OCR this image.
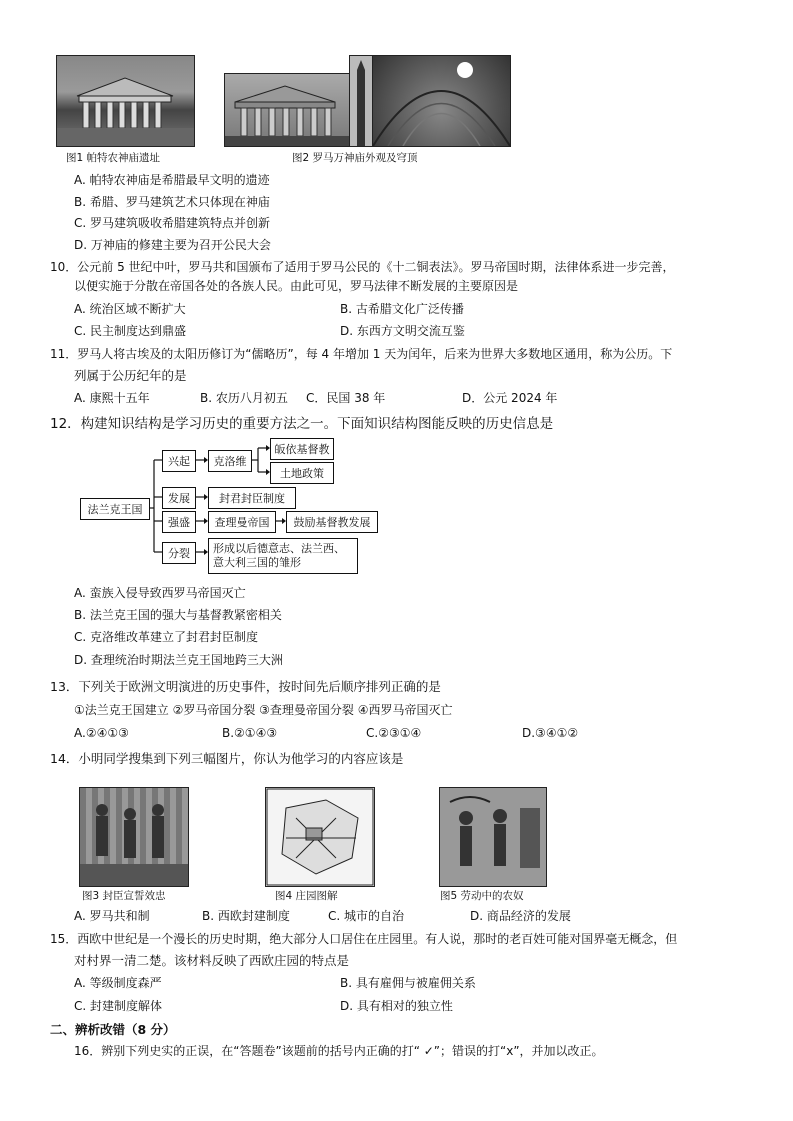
图1 帕特农神庙遗址	图2 罗马万神庙外观及穹顶
A. 帕特农神庙是希腊最早文明的遗迹
B. 希腊、罗马建筑艺术只体现在神庙
C. 罗马建筑吸收希腊建筑特点并创新
D. 万神庙的修建主要为召开公民大会
10．公元前 5 世纪中叶，罗马共和国颁布了适用于罗马公民的《十二铜表法》。罗马帝国时期，法律体系进一步完善，
以便实施于分散在帝国各处的各族人民。由此可见，罗马法律不断发展的主要原因是
A. 统治区域不断扩大	B. 古希腊文化广泛传播
C. 民主制度达到鼎盛	D. 东西方文明交流互鉴
11．罗马人将古埃及的太阳历修订为“儒略历”，每 4 年增加 1 天为闰年，后来为世界大多数地区通用，称为公历。下
列属于公历纪年的是
A. 康熙十五年	B. 农历八月初五 C．民国 38 年	D．公元 2024 年
12．构建知识结构是学习历史的重要方法之一。下面知识结构图能反映的历史信息是
法兰克王国
兴起	克洛维
皈依基督教
土地政策
发展	封君封臣制度
强盛	查理曼帝国	鼓励基督教发展
分裂	形成以后德意志、法兰西、意大利三国的雏形
A. 蛮族入侵导致西罗马帝国灭亡
B. 法兰克王国的强大与基督教紧密相关
C. 克洛维改革建立了封君封臣制度
D. 查理统治时期法兰克王国地跨三大洲
13．下列关于欧洲文明演进的历史事件，按时间先后顺序排列正确的是
①法兰克王国建立 ②罗马帝国分裂 ③查理曼帝国分裂 ④西罗马帝国灭亡
A.②④①③	B.②①④③	C.②③①④	D.③④①②
14．小明同学搜集到下列三幅图片，你认为他学习的内容应该是
图3 封臣宣誓效忠	图4 庄园图解	图5 劳动中的农奴
A. 罗马共和制	B. 西欧封建制度	C. 城市的自治	D. 商品经济的发展
15．西欧中世纪是一个漫长的历史时期，绝大部分人口居住在庄园里。有人说，那时的老百姓可能对国界毫无概念，但
对村界一清二楚。该材料反映了西欧庄园的特点是
A. 等级制度森严	B. 具有雇佣与被雇佣关系
C. 封建制度解体	D. 具有相对的独立性
二、辨析改错（8 分）
16．辨别下列史实的正误，在“答题卷”该题前的括号内正确的打“ ✓”；错误的打“x”，并加以改正。
